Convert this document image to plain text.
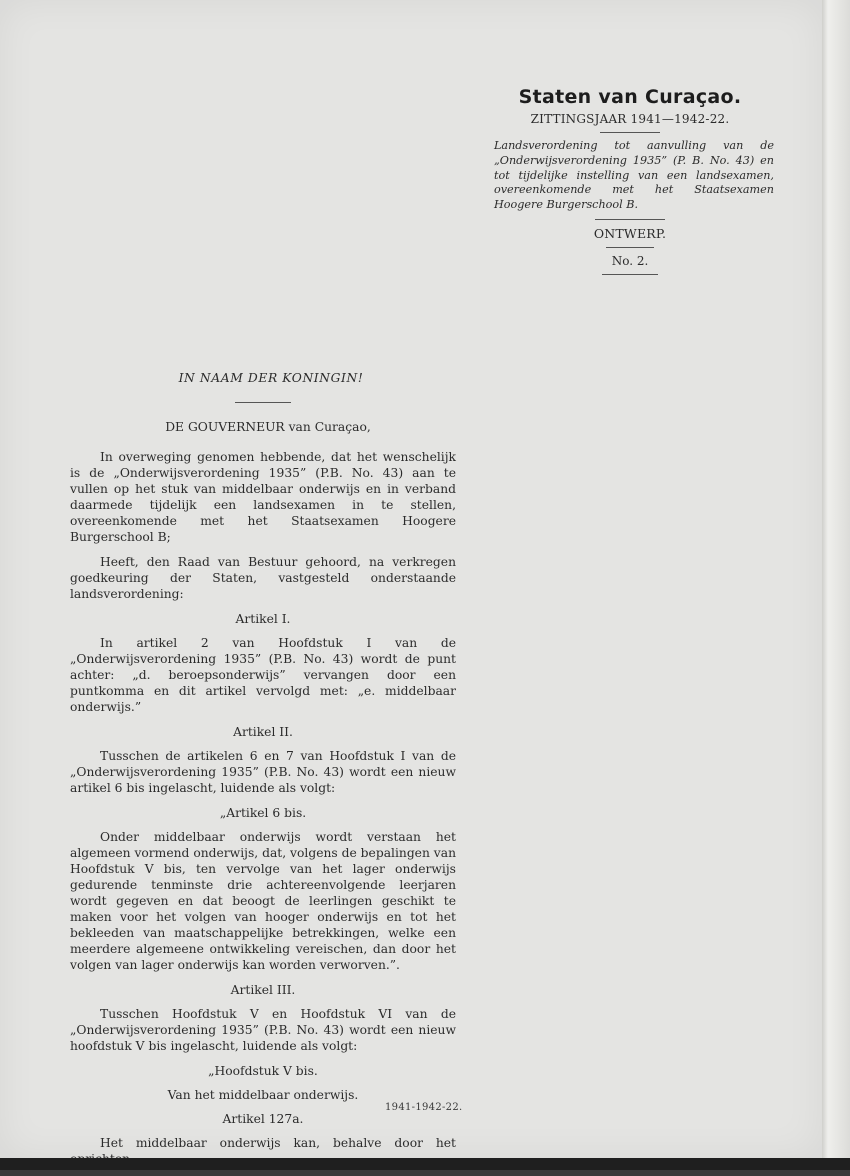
Staten van Curaçao.
ZITTINGSJAAR 1941—1942-22.
Landsverordening tot aanvulling van de „Onderwijsverordening 1935” (P. B. No. 43) en tot tijdelijke instelling van een landsexamen, overeenkomende met het Staatsexamen Hoogere Burgerschool B.
ONTWERP.
No. 2.

IN NAAM DER KONINGIN!

DE GOUVERNEUR van Curaçao,

In overweging genomen hebbende, dat het wenschelijk is de „Onderwijsverordening 1935” (P.B. No. 43) aan te vullen op het stuk van middelbaar onderwijs en in verband daarmede tijdelijk een landsexamen in te stellen, overeenkomende met het Staatsexamen Hoogere Burgerschool B;

Heeft, den Raad van Bestuur gehoord, na verkregen goedkeuring der Staten, vastgesteld onderstaande landsverordening:

Artikel I.

In artikel 2 van Hoofdstuk I van de „Onderwijsverordening 1935” (P.B. No. 43) wordt de punt achter: „d. beroepsonderwijs” vervangen door een puntkomma en dit artikel vervolgd met: „e. middelbaar onderwijs.”

Artikel II.

Tusschen de artikelen 6 en 7 van Hoofdstuk I van de „Onderwijsverordening 1935” (P.B. No. 43) wordt een nieuw artikel 6 bis ingelascht, luidende als volgt:

„Artikel 6 bis.

Onder middelbaar onderwijs wordt verstaan het algemeen vormend onderwijs, dat, volgens de bepalingen van Hoofdstuk V bis, ten vervolge van het lager onderwijs gedurende tenminste drie achtereenvolgende leerjaren wordt gegeven en dat beoogt de leerlingen geschikt te maken voor het volgen van hooger onderwijs en tot het bekleeden van maatschappelijke betrekkingen, welke een meerdere algemeene ontwikkeling vereischen, dan door het volgen van lager onderwijs kan worden verworven.”.

Artikel III.

Tusschen Hoofdstuk V en Hoofdstuk VI van de „Onderwijsverordening 1935” (P.B. No. 43) wordt een nieuw hoofdstuk V bis ingelascht, luidende als volgt:

„Hoofdstuk V bis.

Van het middelbaar onderwijs.

Artikel 127a.

Het middelbaar onderwijs kan, behalve door het

1941-1942-22.
